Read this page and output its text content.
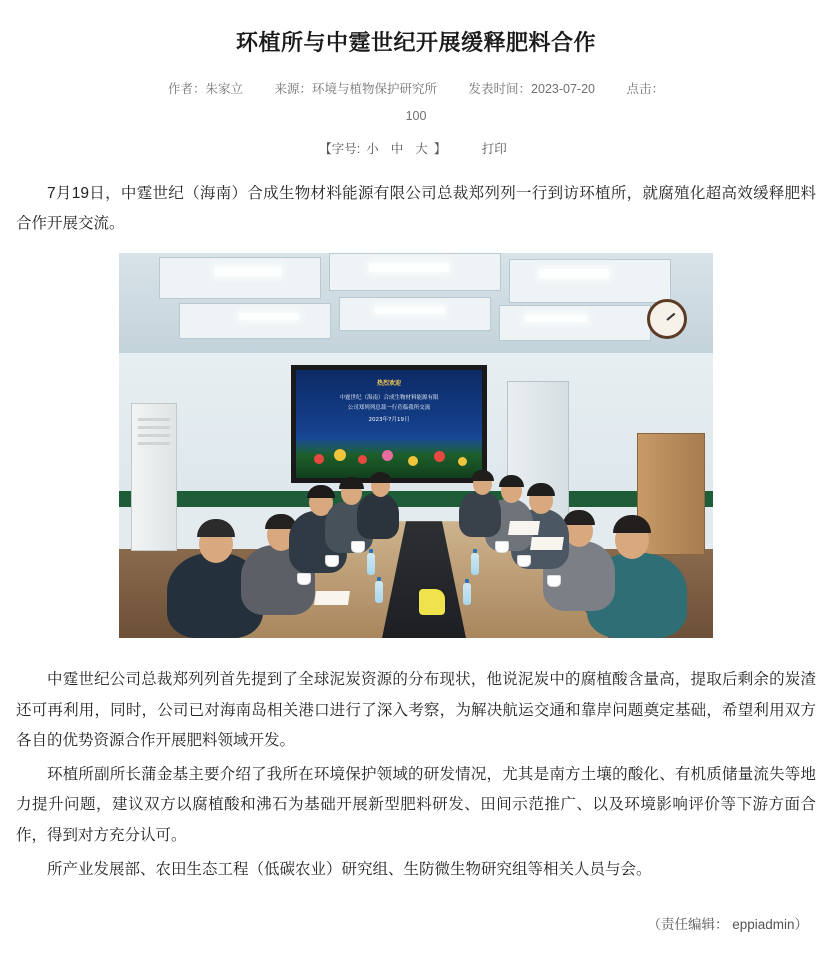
环植所与中霆世纪开展缓释肥料合作
作者：朱家立	来源：环境与植物保护研究所	发表时间：2023-07-20	点击：
100
【字号: 小 中 大 】	打印

7月19日，中霆世纪（海南）合成生物材料能源有限公司总裁郑列列一行到访环植所，就腐殖化超高效缓释肥料合作开展交流。

热烈欢迎
中霆世纪（海南）合成生物材料能源有限
公司郑列列总裁一行莅临我所交流
2023年7月19日

中霆世纪公司总裁郑列列首先提到了全球泥炭资源的分布现状，他说泥炭中的腐植酸含量高，提取后剩余的炭渣还可再利用，同时，公司已对海南岛相关港口进行了深入考察，为解决航运交通和靠岸问题奠定基础，希望利用双方各自的优势资源合作开展肥料领域开发。

环植所副所长蒲金基主要介绍了我所在环境保护领域的研发情况，尤其是南方土壤的酸化、有机质储量流失等地力提升问题，建议双方以腐植酸和沸石为基础开展新型肥料研发、田间示范推广、以及环境影响评价等下游方面合作，得到对方充分认可。

所产业发展部、农田生态工程（低碳农业）研究组、生防微生物研究组等相关人员与会。

（责任编辑： eppiadmin）
